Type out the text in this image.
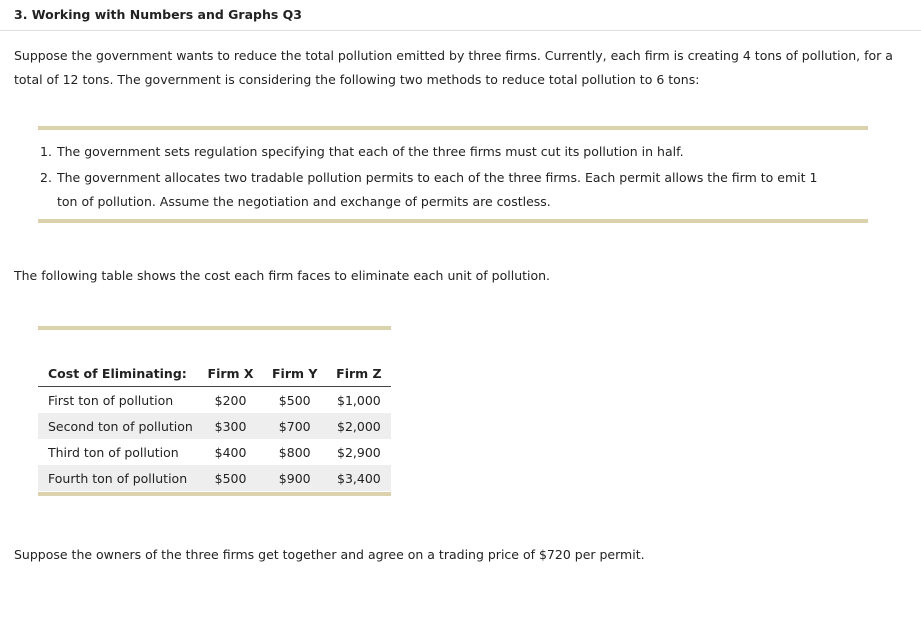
3. Working with Numbers and Graphs Q3
Suppose the government wants to reduce the total pollution emitted by three firms. Currently, each firm is creating 4 tons of pollution, for a total of 12 tons. The government is considering the following two methods to reduce total pollution to 6 tons:
1. The government sets regulation specifying that each of the three firms must cut its pollution in half.
2. The government allocates two tradable pollution permits to each of the three firms. Each permit allows the firm to emit 1 ton of pollution. Assume the negotiation and exchange of permits are costless.
The following table shows the cost each firm faces to eliminate each unit of pollution.
Cost of Eliminating:	Firm X	Firm Y	Firm Z
First ton of pollution	$200	$500	$1,000
Second ton of pollution	$300	$700	$2,000
Third ton of pollution	$400	$800	$2,900
Fourth ton of pollution	$500	$900	$3,400
Suppose the owners of the three firms get together and agree on a trading price of $720 per permit.
